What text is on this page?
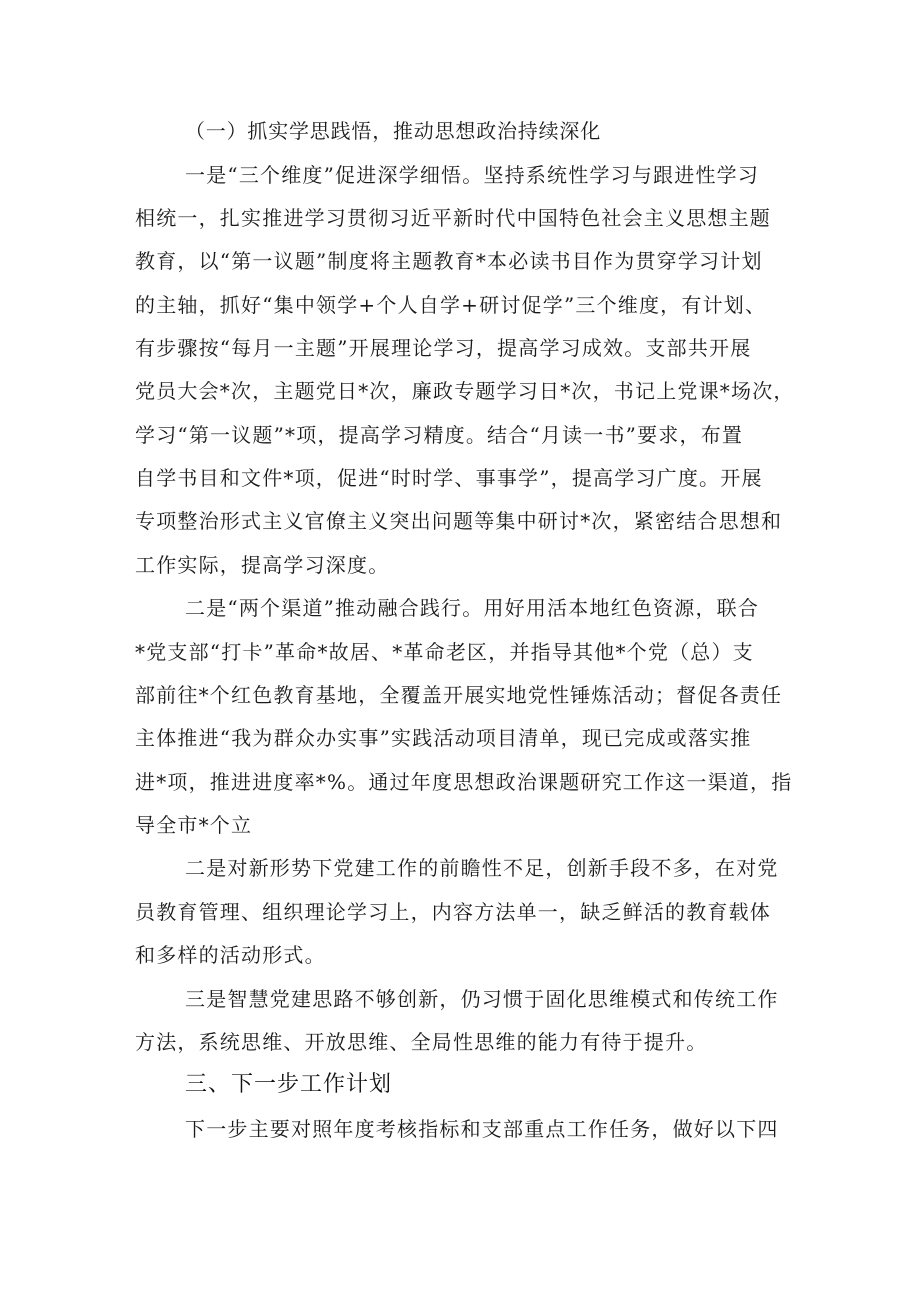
（一）抓实学思践悟，推动思想政治持续深化
一是“三个维度”促进深学细悟。坚持系统性学习与跟进性学习
相统一，扎实推进学习贯彻习近平新时代中国特色社会主义思想主题
教育，以“第一议题”制度将主题教育*本必读书目作为贯穿学习计划
的主轴，抓好“集中领学+个人自学+研讨促学”三个维度，有计划、
有步骤按“每月一主题”开展理论学习，提高学习成效。支部共开展
党员大会*次，主题党日*次，廉政专题学习日*次，书记上党课*场次，
学习“第一议题”*项，提高学习精度。结合“月读一书”要求，布置
自学书目和文件*项，促进“时时学、事事学”，提高学习广度。开展
专项整治形式主义官僚主义突出问题等集中研讨*次，紧密结合思想和
工作实际，提高学习深度。
二是“两个渠道”推动融合践行。用好用活本地红色资源，联合
*党支部“打卡”革命*故居、*革命老区，并指导其他*个党（总）支
部前往*个红色教育基地，全覆盖开展实地党性锤炼活动；督促各责任
主体推进“我为群众办实事”实践活动项目清单，现已完成或落实推
进*项，推进进度率*%。通过年度思想政治课题研究工作这一渠道，指
导全市*个立
二是对新形势下党建工作的前瞻性不足，创新手段不多，在对党
员教育管理、组织理论学习上，内容方法单一，缺乏鲜活的教育载体
和多样的活动形式。
三是智慧党建思路不够创新，仍习惯于固化思维模式和传统工作
方法，系统思维、开放思维、全局性思维的能力有待于提升。
三、下一步工作计划
下一步主要对照年度考核指标和支部重点工作任务，做好以下四
